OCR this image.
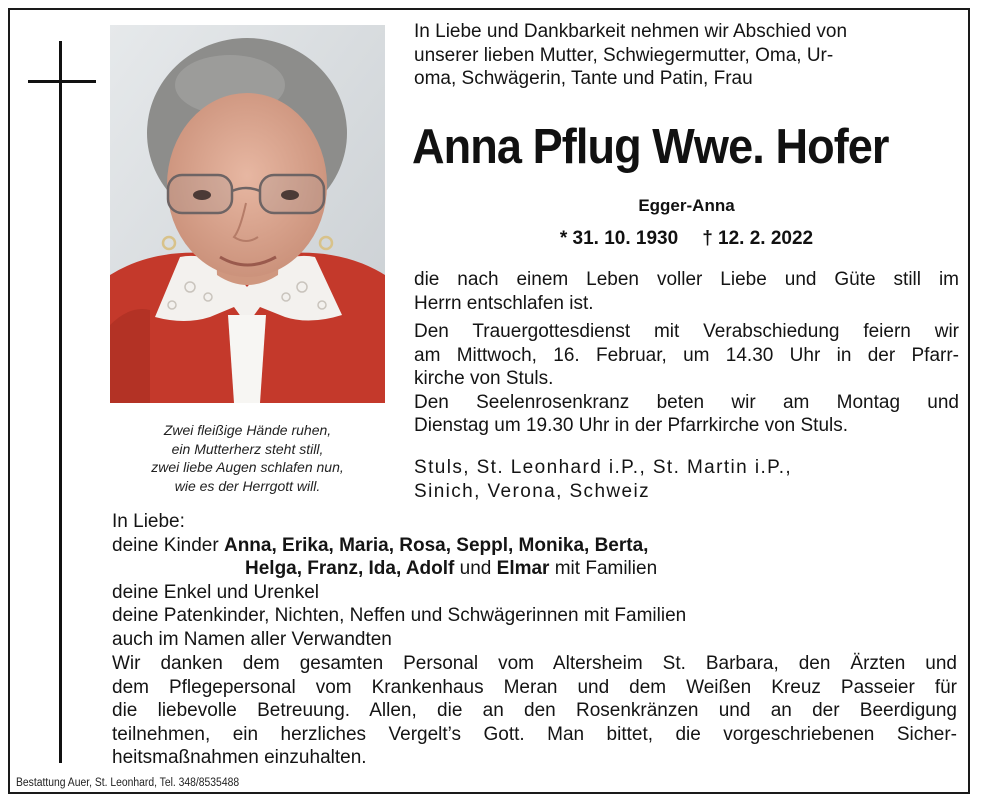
Zwei fleißige Hände ruhen,
ein Mutterherz steht still,
zwei liebe Augen schlafen nun,
wie es der Herrgott will.
In Liebe und Dankbarkeit nehmen wir Abschied von
unserer lieben Mutter, Schwiegermutter, Oma, Ur-
oma, Schwägerin, Tante und Patin, Frau
Anna Pflug Wwe. Hofer
Egger-Anna
* 31. 10. 1930 † 12. 2. 2022
die nach einem Leben voller Liebe und Güte still im
Herrn entschlafen ist.
Den Trauergottesdienst mit Verabschiedung feiern wir
am Mittwoch, 16. Februar, um 14.30 Uhr in der Pfarr-
kirche von Stuls.
Den Seelenrosenkranz beten wir am Montag und
Dienstag um 19.30 Uhr in der Pfarrkirche von Stuls.
Stuls, St. Leonhard i.P., St. Martin i.P.,
Sinich, Verona, Schweiz
In Liebe:
deine Kinder Anna, Erika, Maria, Rosa, Seppl, Monika, Berta,
Helga, Franz, Ida, Adolf und Elmar mit Familien
deine Enkel und Urenkel
deine Patenkinder, Nichten, Neffen und Schwägerinnen mit Familien
auch im Namen aller Verwandten
Wir danken dem gesamten Personal vom Altersheim St. Barbara, den Ärzten und
dem Pflegepersonal vom Krankenhaus Meran und dem Weißen Kreuz Passeier für
die liebevolle Betreuung. Allen, die an den Rosenkränzen und an der Beerdigung
teilnehmen, ein herzliches Vergelt’s Gott. Man bittet, die vorgeschriebenen Sicher-
heitsmaßnahmen einzuhalten.
Bestattung Auer, St. Leonhard, Tel. 348/8535488
